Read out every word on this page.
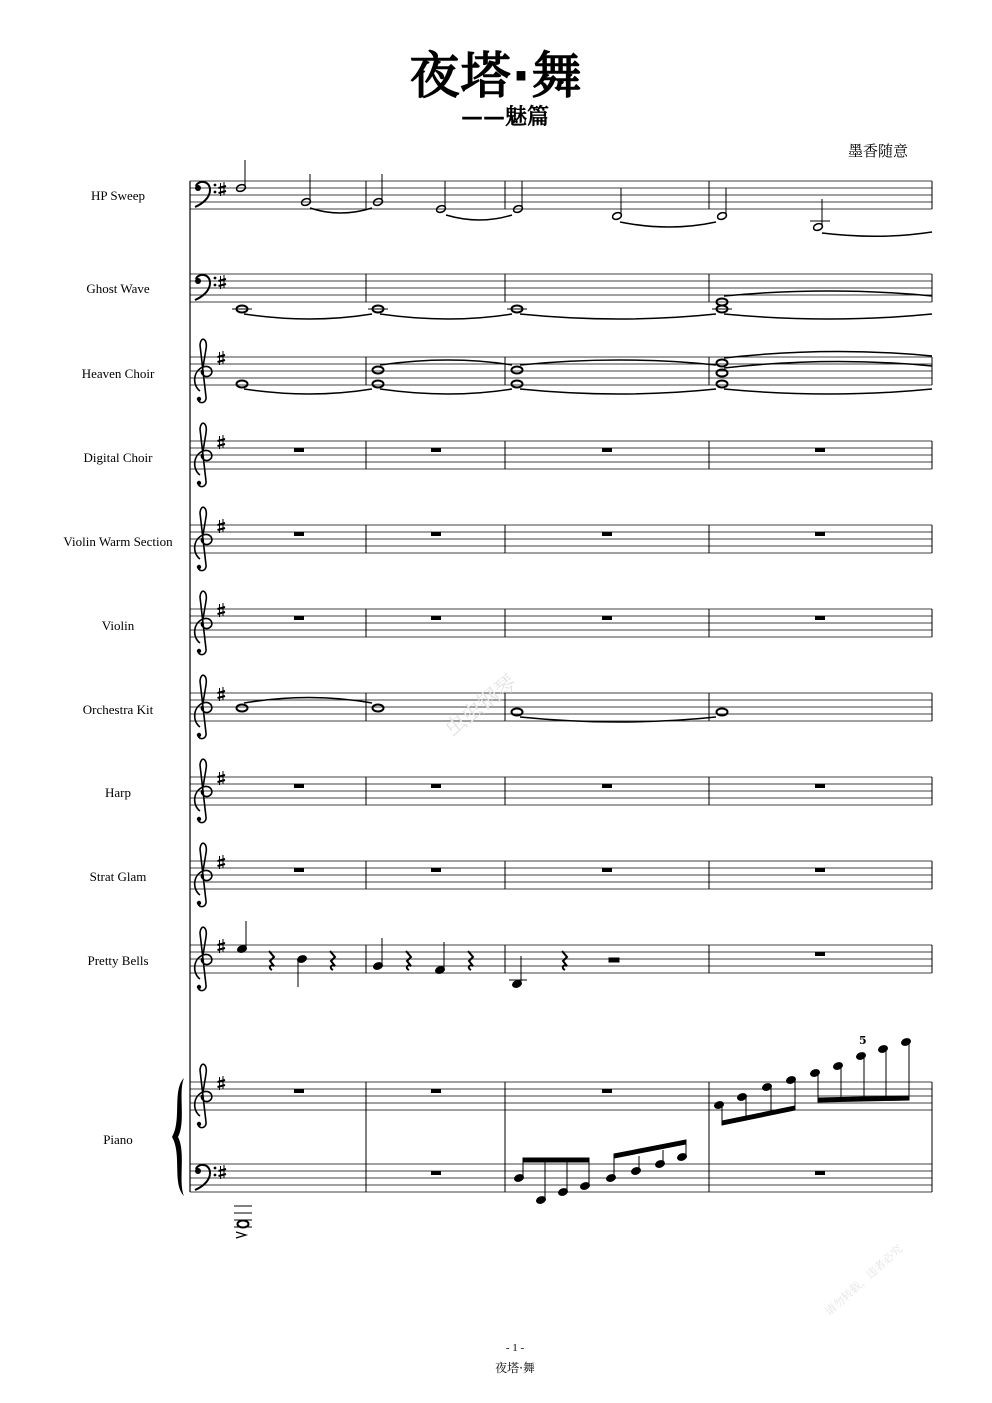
夜塔·舞
——魅篇
墨香随意
HP Sweep
Ghost Wave
Heaven Choir
Digital Choir
Violin Warm Section
Violin
Orchestra Kit
Harp
Strat Glam
Pretty Bells
Piano
5
虫虫钢琴
请勿转载，违者必究
- 1 -
夜塔·舞
